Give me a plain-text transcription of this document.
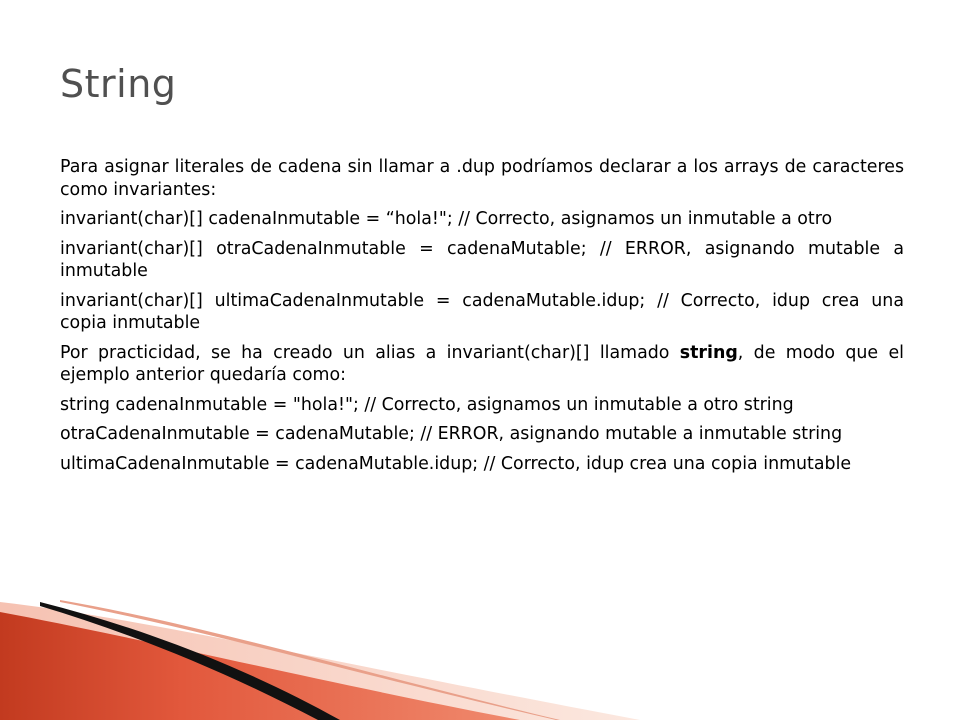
String

Para asignar literales de cadena sin llamar a .dup podríamos declarar a los arrays de caracteres como invariantes:

invariant(char)[] cadenaInmutable = “hola!"; // Correcto, asignamos un inmutable a otro

invariant(char)[] otraCadenaInmutable = cadenaMutable; // ERROR, asignando mutable a inmutable

invariant(char)[] ultimaCadenaInmutable = cadenaMutable.idup; // Correcto, idup crea una copia inmutable

Por practicidad, se ha creado un alias a invariant(char)[] llamado string, de modo que el ejemplo anterior quedaría como:

string cadenaInmutable = "hola!"; // Correcto, asignamos un inmutable a otro string

otraCadenaInmutable = cadenaMutable; // ERROR, asignando mutable a inmutable string

ultimaCadenaInmutable = cadenaMutable.idup; // Correcto, idup crea una copia inmutable
